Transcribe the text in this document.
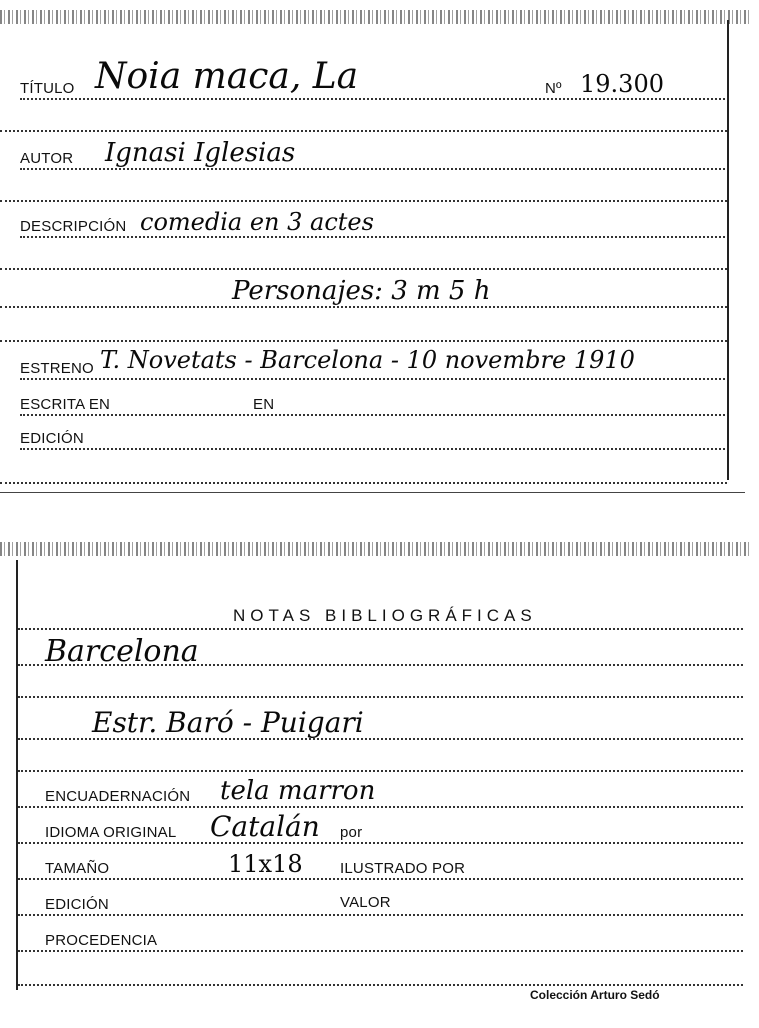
TÍTULO Noia maca, La	Nº 19.300
AUTOR Ignasi Iglesias
DESCRIPCIÓN comedia en 3 actes
Personajes: 3 m 5 h
ESTRENO T. Novetats - Barcelona - 10 novembre 1910
ESCRITA EN	EN
EDICIÓN
NOTAS BIBLIOGRÁFICAS
Barcelona
Estr. Baró - Puigari
ENCUADERNACIÓN tela marron
IDIOMA ORIGINAL Catalán por
TAMAÑO	11x18 ILUSTRADO POR
EDICIÓN	VALOR
PROCEDENCIA
Colección Arturo Sedó
